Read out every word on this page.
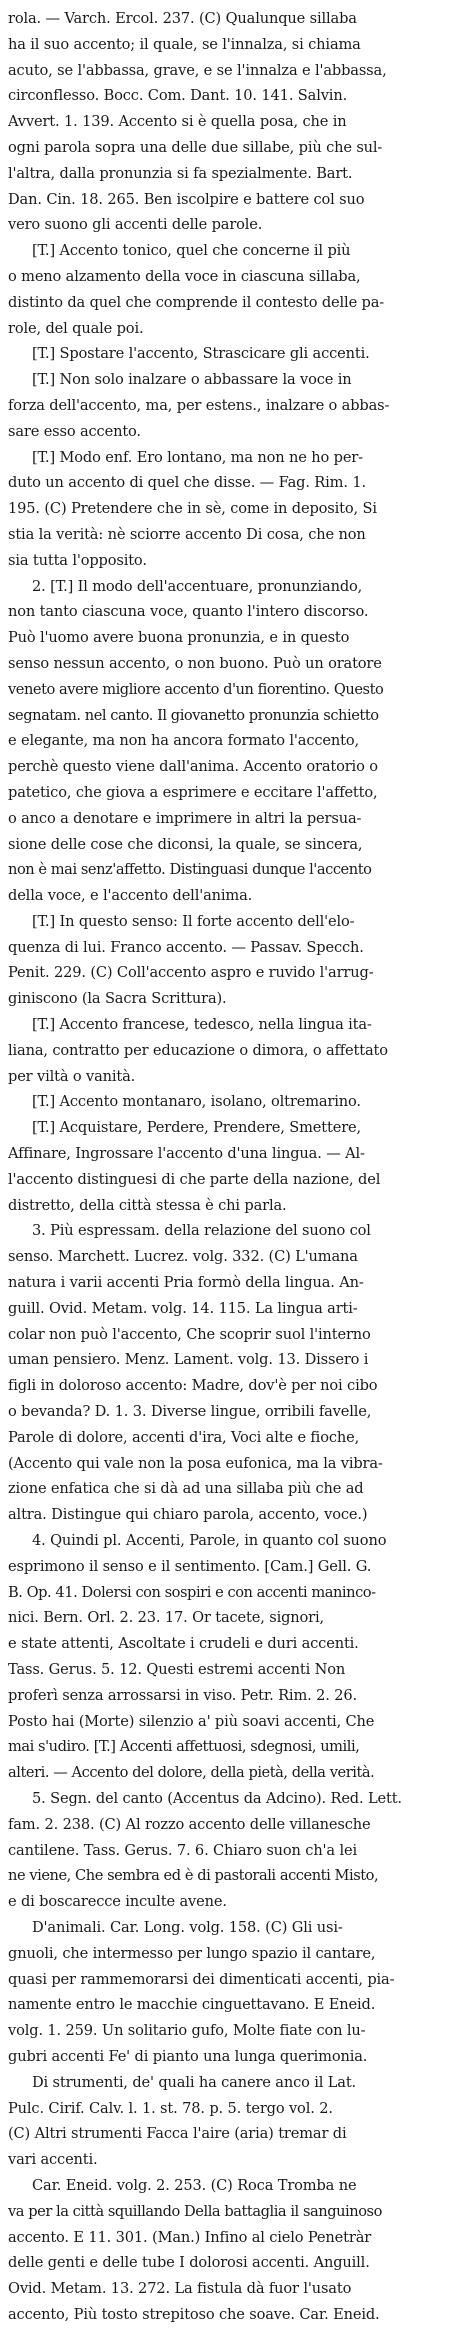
rola. — Varch. Ercol. 237. (C) Qualunque sillaba
ha il suo accento; il quale, se l'innalza, si chiama
acuto, se l'abbassa, grave, e se l'innalza e l'abbassa,
circonflesso. Bocc. Com. Dant. 10. 141. Salvin.
Avvert. 1. 139. Accento si è quella posa, che in
ogni parola sopra una delle due sillabe, più che sul-
l'altra, dalla pronunzia si fa spezialmente. Bart.
Dan. Cin. 18. 265. Ben iscolpire e battere col suo
vero suono gli accenti delle parole.
[T.] Accento tonico, quel che concerne il più
o meno alzamento della voce in ciascuna sillaba,
distinto da quel che comprende il contesto delle pa-
role, del quale poi.
[T.] Spostare l'accento, Strascicare gli accenti.
[T.] Non solo inalzare o abbassare la voce in
forza dell'accento, ma, per estens., inalzare o abbas-
sare esso accento.
[T.] Modo enf. Ero lontano, ma non ne ho per-
duto un accento di quel che disse. — Fag. Rim. 1.
195. (C) Pretendere che in sè, come in deposito, Si
stia la verità: nè sciorre accento Di cosa, che non
sia tutta l'opposito.
2. [T.] Il modo dell'accentuare, pronunziando,
non tanto ciascuna voce, quanto l'intero discorso.
Può l'uomo avere buona pronunzia, e in questo
senso nessun accento, o non buono. Può un oratore
veneto avere migliore accento d'un fiorentino. Questo
segnatam. nel canto. Il giovanetto pronunzia schietto
e elegante, ma non ha ancora formato l'accento,
perchè questo viene dall'anima. Accento oratorio o
patetico, che giova a esprimere e eccitare l'affetto,
o anco a denotare e imprimere in altri la persua-
sione delle cose che diconsi, la quale, se sincera,
non è mai senz'affetto. Distinguasi dunque l'accento
della voce, e l'accento dell'anima.
[T.] In questo senso: Il forte accento dell'elo-
quenza di lui. Franco accento. — Passav. Specch.
Penit. 229. (C) Coll'accento aspro e ruvido l'arrug-
giniscono (la Sacra Scrittura).
[T.] Accento francese, tedesco, nella lingua ita-
liana, contratto per educazione o dimora, o affettato
per viltà o vanità.
[T.] Accento montanaro, isolano, oltremarino.
[T.] Acquistare, Perdere, Prendere, Smettere,
Affinare, Ingrossare l'accento d'una lingua. — Al-
l'accento distinguesi di che parte della nazione, del
distretto, della città stessa è chi parla.
3. Più espressam. della relazione del suono col
senso. Marchett. Lucrez. volg. 332. (C) L'umana
natura i varii accenti Pria formò della lingua. An-
guill. Ovid. Metam. volg. 14. 115. La lingua arti-
colar non può l'accento, Che scoprir suol l'interno
uman pensiero. Menz. Lament. volg. 13. Dissero i
figli in doloroso accento: Madre, dov'è per noi cibo
o bevanda? D. 1. 3. Diverse lingue, orribili favelle,
Parole di dolore, accenti d'ira, Voci alte e fioche,
(Accento qui vale non la posa eufonica, ma la vibra-
zione enfatica che si dà ad una sillaba più che ad
altra. Distingue qui chiaro parola, accento, voce.)
4. Quindi pl. Accenti, Parole, in quanto col suono
esprimono il senso e il sentimento. [Cam.] Gell. G.
B. Op. 41. Dolersi con sospiri e con accenti maninco-
nici. Bern. Orl. 2. 23. 17. Or tacete, signori,
e state attenti, Ascoltate i crudeli e duri accenti.
Tass. Gerus. 5. 12. Questi estremi accenti Non
proferì senza arrossarsi in viso. Petr. Rim. 2. 26.
Posto hai (Morte) silenzio a' più soavi accenti, Che
mai s'udiro. [T.] Accenti affettuosi, sdegnosi, umili,
alteri. — Accento del dolore, della pietà, della verità.
5. Segn. del canto (Accentus da Adcino). Red. Lett.
fam. 2. 238. (C) Al rozzo accento delle villanesche
cantilene. Tass. Gerus. 7. 6. Chiaro suon ch'a lei
ne viene, Che sembra ed è di pastorali accenti Misto,
e di boscarecce inculte avene.
D'animali. Car. Long. volg. 158. (C) Gli usi-
gnuoli, che intermesso per lungo spazio il cantare,
quasi per rammemorarsi dei dimenticati accenti, pia-
namente entro le macchie cinguettavano. E Eneid.
volg. 1. 259. Un solitario gufo, Molte fiate con lu-
gubri accenti Fe' di pianto una lunga querimonia.
Di strumenti, de' quali ha canere anco il Lat.
Pulc. Cirif. Calv. l. 1. st. 78. p. 5. tergo vol. 2.
(C) Altri strumenti Facca l'aire (aria) tremar di
vari accenti.
Car. Eneid. volg. 2. 253. (C) Roca Tromba ne
va per la città squillando Della battaglia il sanguinoso
accento. E 11. 301. (Man.) Infino al cielo Penetràr
delle genti e delle tube I dolorosi accenti. Anguill.
Ovid. Metam. 13. 272. La fistula dà fuor l'usato
accento, Più tosto strepitoso che soave. Car. Eneid.
